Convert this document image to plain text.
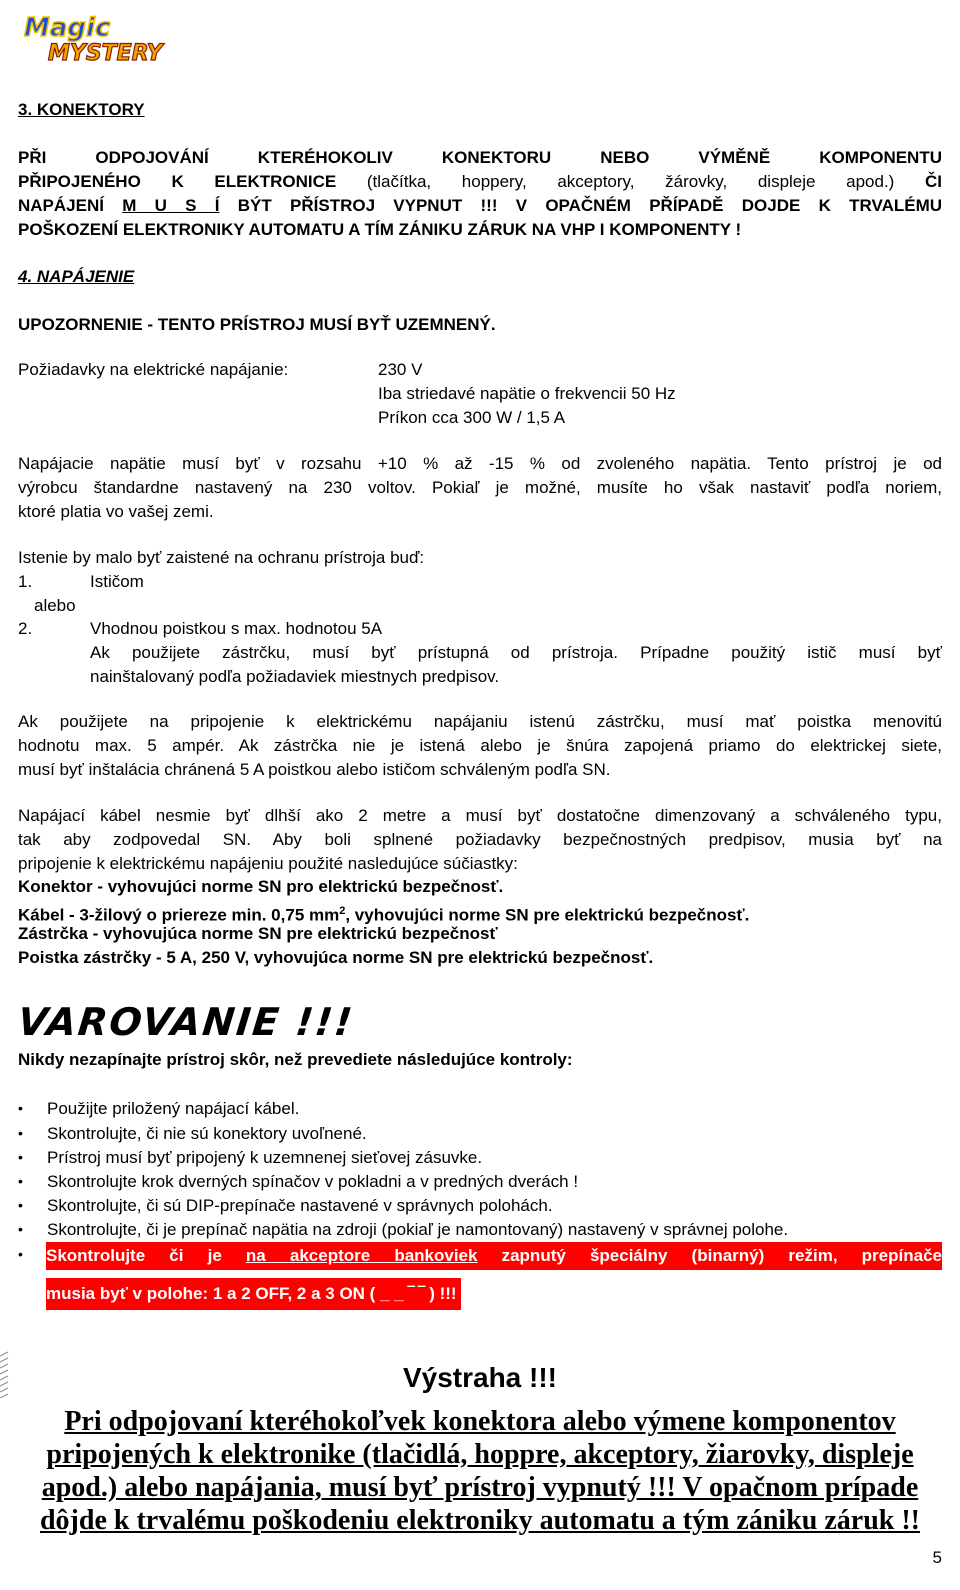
Magic
MYSTERY
3. KONEKTORY
PŘI ODPOJOVÁNÍ KTERÉHOKOLIV KONEKTORU NEBO VÝMĚNĚ KOMPONENTU
PŘIPOJENÉHO K ELEKTRONICE (tlačítka, hoppery, akceptory, žárovky, displeje apod.) ČI
NAPÁJENÍ M U S Í BÝT PŘÍSTROJ VYPNUT !!! V OPAČNÉM PŘÍPADĚ DOJDE K TRVALÉMU
POŠKOZENÍ ELEKTRONIKY AUTOMATU A TÍM ZÁNIKU ZÁRUK NA VHP I KOMPONENTY !
4. NAPÁJENIE
UPOZORNENIE - TENTO PRÍSTROJ MUSÍ BYŤ UZEMNENÝ.
Požiadavky na elektrické napájanie:	230 V
Iba striedavé napätie o frekvencii 50 Hz
Príkon cca 300 W / 1,5 A
Napájacie napätie musí byť v rozsahu +10 % až -15 % od zvoleného napätia. Tento prístroj je od
výrobcu štandardne nastavený na 230 voltov. Pokiaľ je možné, musíte ho však nastaviť podľa noriem,
ktoré platia vo vašej zemi.
Istenie by malo byť zaistené na ochranu prístroja buď:
1.	Ističom
alebo
2.	Vhodnou poistkou s max. hodnotou 5A
Ak použijete zástrčku, musí byť prístupná od prístroja. Prípadne použitý istič musí byť
nainštalovaný podľa požiadaviek miestnych predpisov.
Ak použijete na pripojenie k elektrickému napájaniu istenú zástrčku, musí mať poistka menovitú
hodnotu max. 5 ampér. Ak zástrčka nie je istená alebo je šnúra zapojená priamo do elektrickej siete,
musí byť inštalácia chránená 5 A poistkou alebo ističom schváleným podľa SN.
Napájací kábel nesmie byť dlhší ako 2 metre a musí byť dostatočne dimenzovaný a schváleného typu,
tak aby zodpovedal SN. Aby boli splnené požiadavky bezpečnostných predpisov, musia byť na
pripojenie k elektrickému napájeniu použité nasledujúce súčiastky:
Konektor - vyhovujúci norme SN pro elektrickú bezpečnosť.
Kábel - 3-žilový o priereze min. 0,75 $mm^2$, vyhovujúci norme SN pre elektrickú bezpečnosť.
Zástrčka - vyhovujúca norme SN pre elektrickú bezpečnosť
Poistka zástrčky - 5 A, 250 V, vyhovujúca norme SN pre elektrickú bezpečnosť.
VAROVANIE !!!
Nikdy nezapínajte prístroj skôr, než prevediete následujúce kontroly:
• Použijte priložený napájací kábel.
• Skontrolujte, či nie sú konektory uvoľnené.
• Prístroj musí byť pripojený k uzemnenej sieťovej zásuvke.
• Skontrolujte krok dverných spínačov v pokladni a v predných dverách !
• Skontrolujte, či sú DIP-prepínače nastavené v správnych polohách.
• Skontrolujte, či je prepínač napätia na zdroji (pokiaľ je namontovaný) nastavený v správnej polohe.
• Skontrolujte či je na akceptore bankoviek zapnutý špeciálny (binarný) režim, prepínače
musia byť v polohe: 1 a 2 OFF, 2 a 3 ON ( _ _ ‾ ‾ ) !!!
Výstraha !!!
Pri odpojovaní kteréhokoľvek konektora alebo výmene komponentov
pripojených k elektronike (tlačidlá, hoppre, akceptory, žiarovky, displeje
apod.) alebo napájania, musí byť prístroj vypnutý !!! V opačnom prípade
dôjde k trvalému poškodeniu elektroniky automatu a tým zániku záruk !!
5
